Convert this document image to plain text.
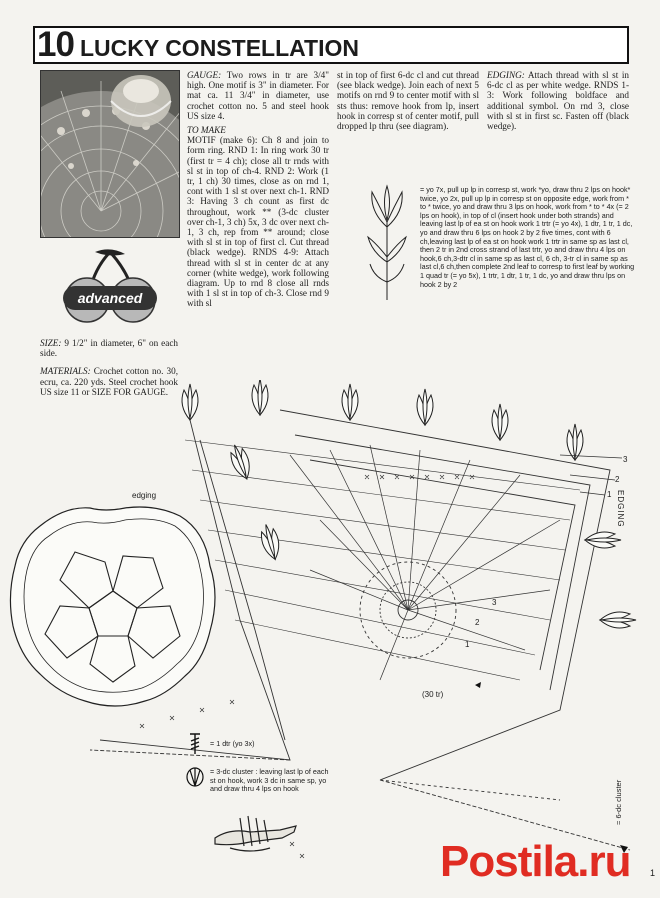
10 LUCKY CONSTELLATION
advanced

SIZE: 9 1/2" in diameter, 6" on each side.

MATERIALS: Crochet cotton no. 30, ecru, ca. 220 yds. Steel crochet hook US size 11 or SIZE FOR GAUGE.

GAUGE: Two rows in tr are 3/4" high. One motif is 3" in diameter. For mat ca. 11 3/4" in diameter, use crochet cotton no. 5 and steel hook US size 4.

TO MAKE

MOTIF (make 6): Ch 8 and join to form ring. RND 1: In ring work 30 tr (first tr = 4 ch); close all tr rnds with sl st in top of ch-4. RND 2: Work (1 tr, 1 ch) 30 times, close as on rnd 1, cont with 1 sl st over next ch-1. RND 3: Having 3 ch count as first dc throughout, work ** (3-dc cluster over ch-1, 3 ch) 5x, 3 dc over next ch-1, 3 ch, rep from ** around; close with sl st in top of first cl. Cut thread (black wedge). RNDS 4-9: Attach thread with sl st in center dc at any corner (white wedge), work following diagram. Up to rnd 8 close all rnds with 1 sl st in top of ch-3. Close rnd 9 with sl

st in top of first 6-dc cl and cut thread (see black wedge). Join each of next 5 motifs on rnd 9 to center motif with sl sts thus: remove hook from lp, insert hook in corresp st of center motif, pull dropped lp thru (see diagram).

EDGING: Attach thread with sl st in 6-dc cl as per white wedge. RNDS 1-3: Work following boldface and additional symbol. On rnd 3, close with sl st in first sc. Fasten off (black wedge).

= yo 7x, pull up lp in corresp st, work *yo, draw thru 2 lps on hook* twice, yo 2x, pull up lp in corresp st on opposite edge, work from * to * twice, yo and draw thru 3 lps on hook, work from * to * 4x (= 2 lps on hook), in top of cl (insert hook under both strands) and leaving last lp of ea st on hook work 1 trtr (= yo 4x), 1 dtr, 1 tr, 1 dc, yo and draw thru 6 lps on hook 2 by 2 five times, cont with 6 ch,leaving last lp of ea st on hook work 1 trtr in same sp as last cl, then 2 tr in 2nd cross strand of last trtr, yo and draw thru 4 lps on hook,6 ch,3-dtr cl in same sp as last cl, 6 ch, 3-tr cl in same sp as last cl,6 ch,then complete 2nd leaf to corresp to first leaf by working 1 quad tr (= yo 5x), 1 trtr, 1 dtr, 1 tr, 1 dc, yo and draw thru lps on hook 2 by 2
edging
3
2
1 EDGING
3
2
1
(30 tr)
= 1 dtr (yo 3x)
= 3-dc cluster : leaving last lp of each st on hook, work 3 dc in same sp, yo and draw thru 4 lps on hook	= 6-dc cluster
Postila.ru 1
